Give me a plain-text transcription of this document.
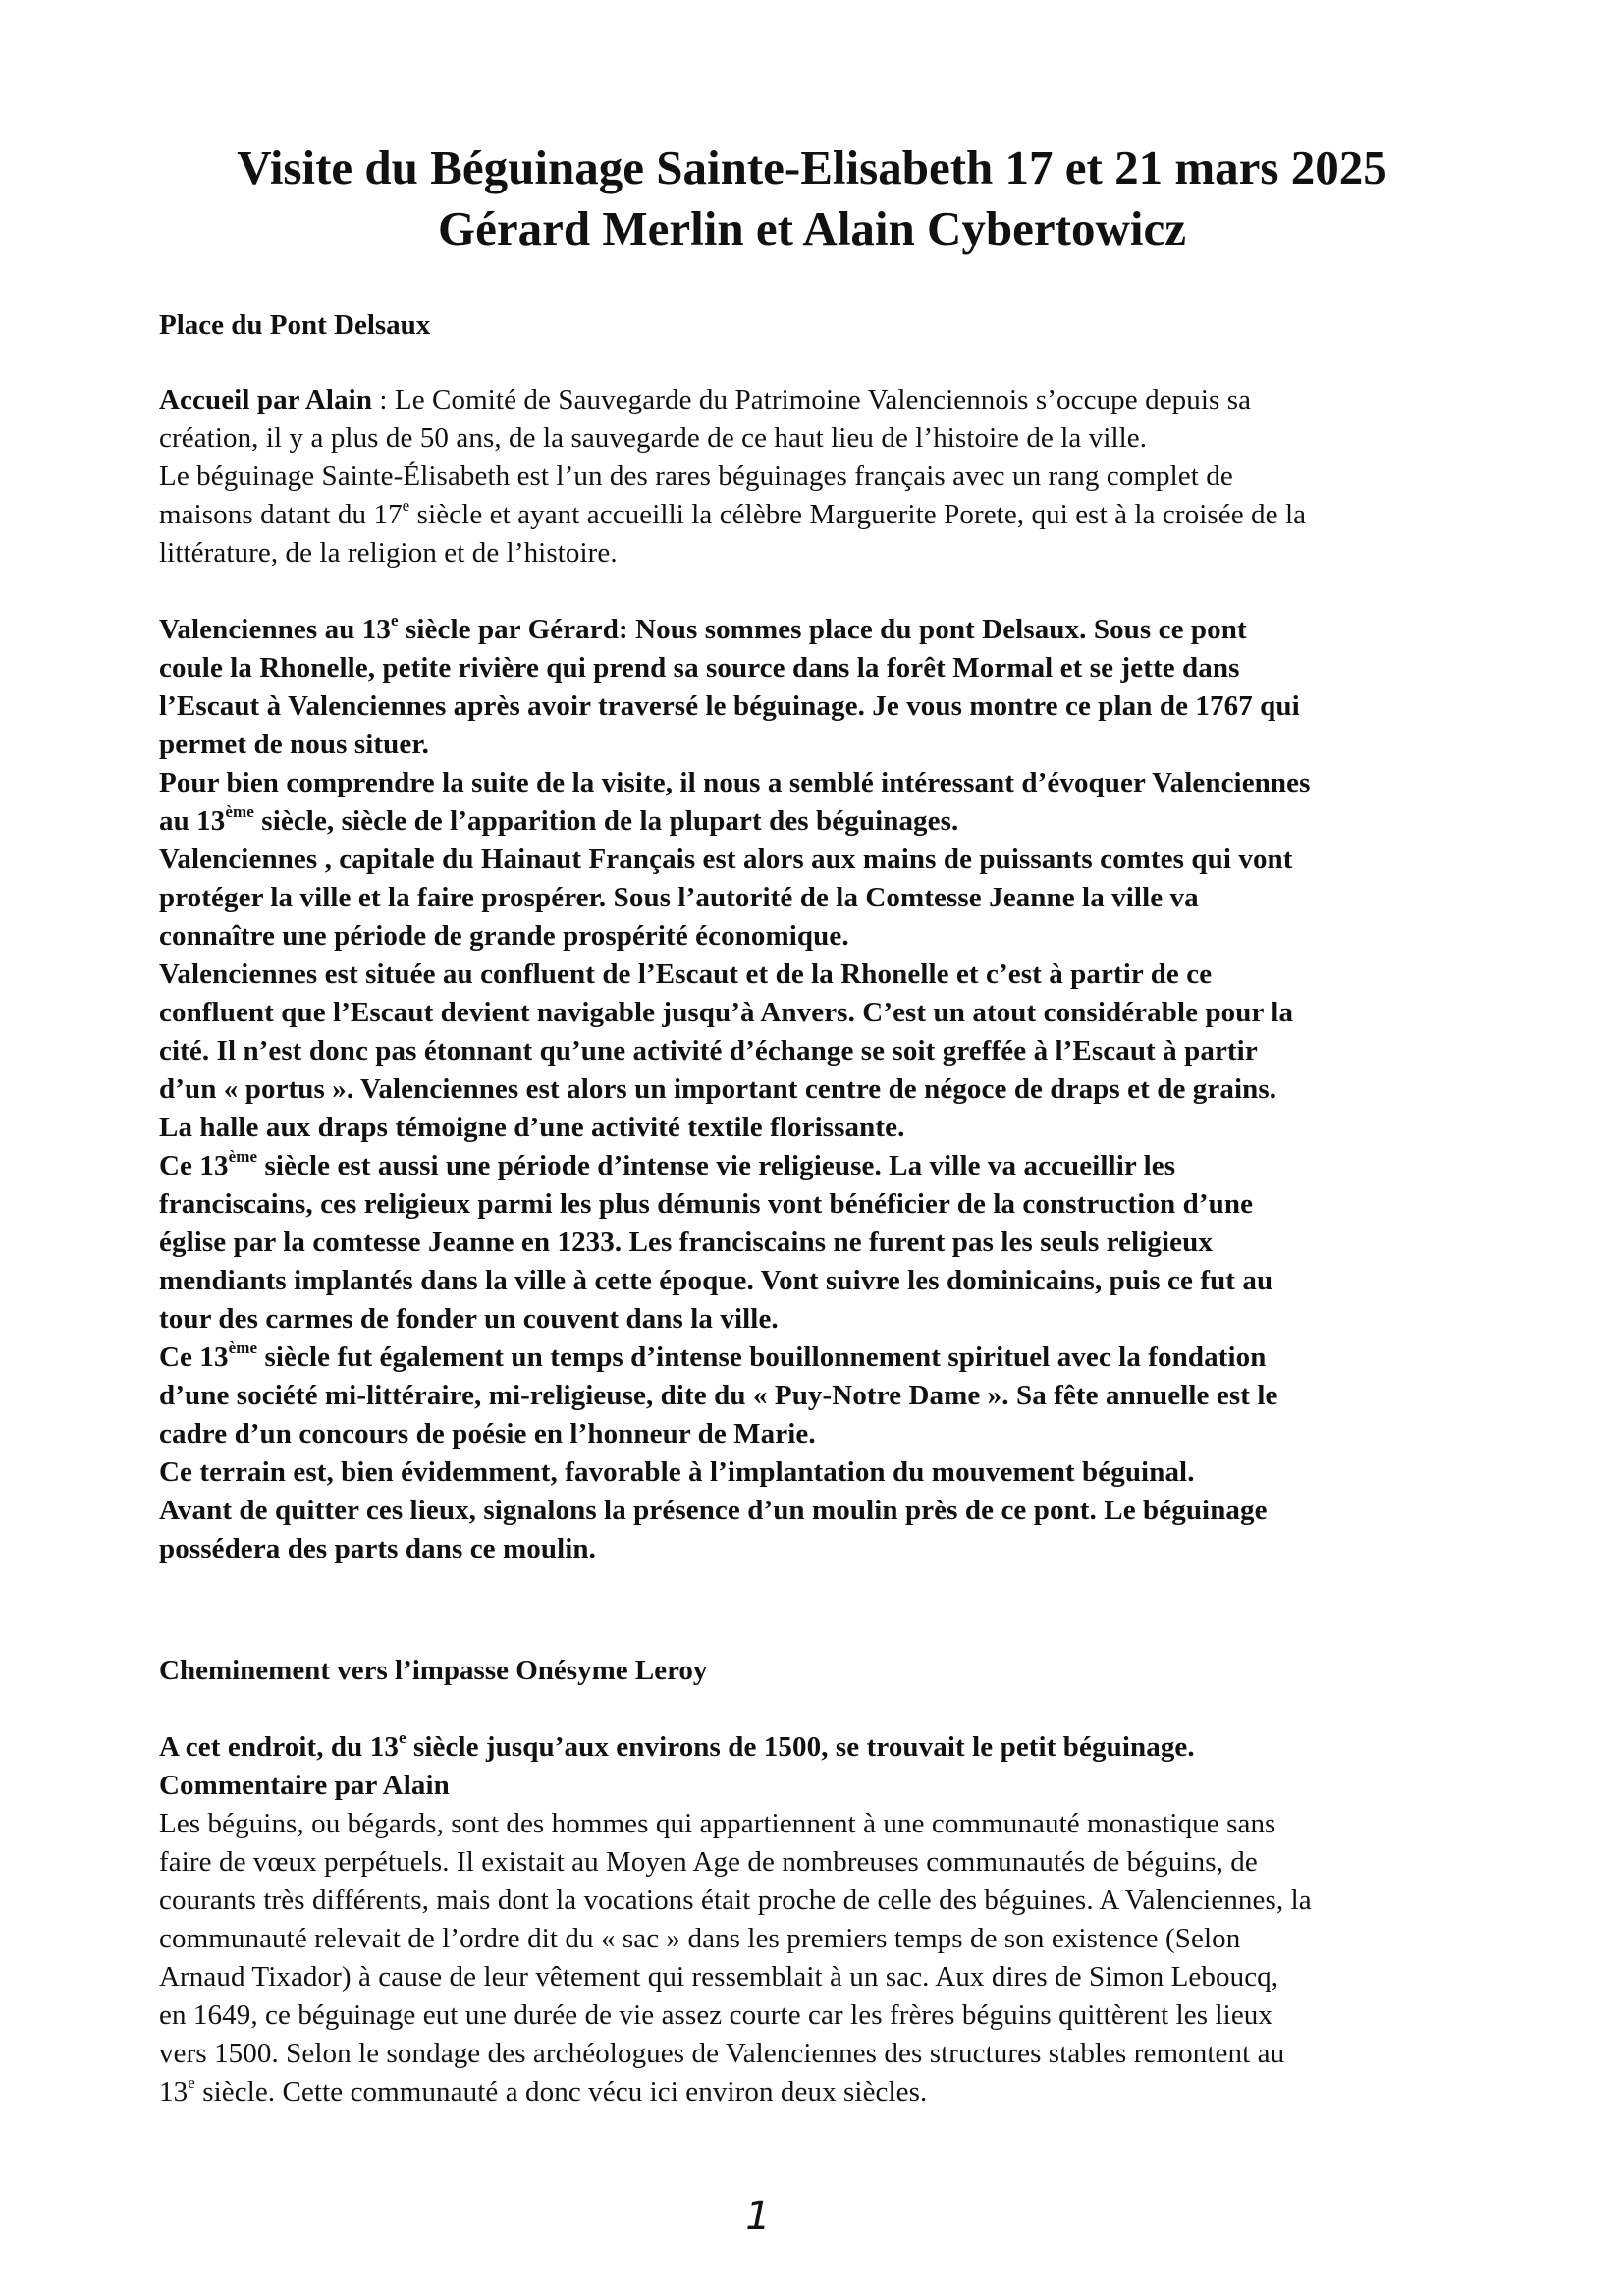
Visite du Béguinage Sainte-Elisabeth 17 et 21 mars 2025
Gérard Merlin et Alain Cybertowicz
Place du Pont Delsaux
Accueil par Alain : Le Comité de Sauvegarde du Patrimoine Valenciennois s’occupe depuis sa
création, il y a plus de 50 ans, de la sauvegarde de ce haut lieu de l’histoire de la ville.
Le béguinage Sainte-Élisabeth est l’un des rares béguinages français avec un rang complet de
maisons datant du 17e siècle et ayant accueilli la célèbre Marguerite Porete, qui est à la croisée de la
littérature, de la religion et de l’histoire.
Valenciennes au 13e siècle par Gérard: Nous sommes place du pont Delsaux. Sous ce pont
coule la Rhonelle, petite rivière qui prend sa source dans la forêt Mormal et se jette dans
l’Escaut à Valenciennes après avoir traversé le béguinage. Je vous montre ce plan de 1767 qui
permet de nous situer.
Pour bien comprendre la suite de la visite, il nous a semblé intéressant d’évoquer Valenciennes
au 13ème siècle, siècle de l’apparition de la plupart des béguinages.
Valenciennes , capitale du Hainaut Français est alors aux mains de puissants comtes qui vont
protéger la ville et la faire prospérer. Sous l’autorité de la Comtesse Jeanne la ville va
connaître une période de grande prospérité économique.
Valenciennes est située au confluent de l’Escaut et de la Rhonelle et c’est à partir de ce
confluent que l’Escaut devient navigable jusqu’à Anvers. C’est un atout considérable pour la
cité. Il n’est donc pas étonnant qu’une activité d’échange se soit greffée à l’Escaut à partir
d’un « portus ». Valenciennes est alors un important centre de négoce de draps et de grains.
La halle aux draps témoigne d’une activité textile florissante.
Ce 13ème siècle est aussi une période d’intense vie religieuse. La ville va accueillir les
franciscains, ces religieux parmi les plus démunis vont bénéficier de la construction d’une
église par la comtesse Jeanne en 1233. Les franciscains ne furent pas les seuls religieux
mendiants implantés dans la ville à cette époque. Vont suivre les dominicains, puis ce fut au
tour des carmes de fonder un couvent dans la ville.
Ce 13ème siècle fut également un temps d’intense bouillonnement spirituel avec la fondation
d’une société mi-littéraire, mi-religieuse, dite du « Puy-Notre Dame ». Sa fête annuelle est le
cadre d’un concours de poésie en l’honneur de Marie.
Ce terrain est, bien évidemment, favorable à l’implantation du mouvement béguinal.
Avant de quitter ces lieux, signalons la présence d’un moulin près de ce pont. Le béguinage
possédera des parts dans ce moulin.
Cheminement vers l’impasse Onésyme Leroy
A cet endroit, du 13e siècle jusqu’aux environs de 1500, se trouvait le petit béguinage.
Commentaire par Alain
Les béguins, ou bégards, sont des hommes qui appartiennent à une communauté monastique sans
faire de vœux perpétuels. Il existait au Moyen Age de nombreuses communautés de béguins, de
courants très différents, mais dont la vocations était proche de celle des béguines. A Valenciennes, la
communauté relevait de l’ordre dit du « sac » dans les premiers temps de son existence (Selon
Arnaud Tixador) à cause de leur vêtement qui ressemblait à un sac. Aux dires de Simon Leboucq,
en 1649, ce béguinage eut une durée de vie assez courte car les frères béguins quittèrent les lieux
vers 1500. Selon le sondage des archéologues de Valenciennes des structures stables remontent au
13e siècle. Cette communauté a donc vécu ici environ deux siècles.
1
